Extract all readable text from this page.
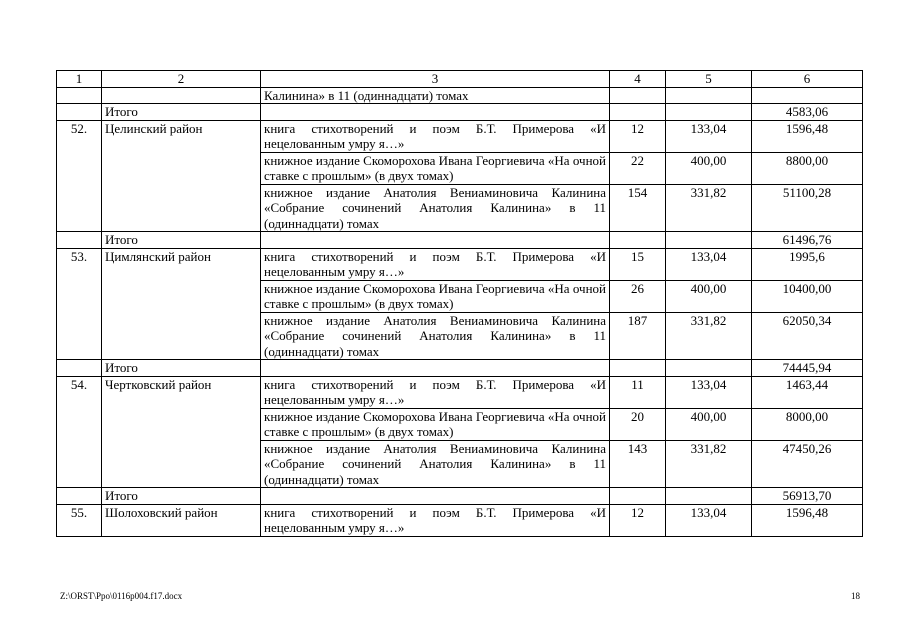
1	2	3	4	5	6
		Калинина» в 11 (одиннадцати) томах			
	Итого				4583,06
52.	Целинский район	книга стихотворений и поэм Б.Т. Примерова «И нецелованным умру я…»	12	133,04	1596,48
		книжное издание Скоморохова Ивана Георгиевича «На очной ставке с прошлым» (в двух томах)	22	400,00	8800,00
		книжное издание Анатолия Вениаминовича Калинина «Собрание сочинений Анатолия Калинина» в 11 (одиннадцати) томах	154	331,82	51100,28
	Итого				61496,76
53.	Цимлянский район	книга стихотворений и поэм Б.Т. Примерова «И нецелованным умру я…»	15	133,04	1995,6
		книжное издание Скоморохова Ивана Георгиевича «На очной ставке с прошлым» (в двух томах)	26	400,00	10400,00
		книжное издание Анатолия Вениаминовича Калинина «Собрание сочинений Анатолия Калинина» в 11 (одиннадцати) томах	187	331,82	62050,34
	Итого				74445,94
54.	Чертковский район	книга стихотворений и поэм Б.Т. Примерова «И нецелованным умру я…»	11	133,04	1463,44
		книжное издание Скоморохова Ивана Георгиевича «На очной ставке с прошлым» (в двух томах)	20	400,00	8000,00
		книжное издание Анатолия Вениаминовича Калинина «Собрание сочинений Анатолия Калинина» в 11 (одиннадцати) томах	143	331,82	47450,26
	Итого				56913,70
55.	Шолоховский район	книга стихотворений и поэм Б.Т. Примерова «И нецелованным умру я…»	12	133,04	1596,48
Z:\ORST\Ppo\0116p004.f17.docx	18
